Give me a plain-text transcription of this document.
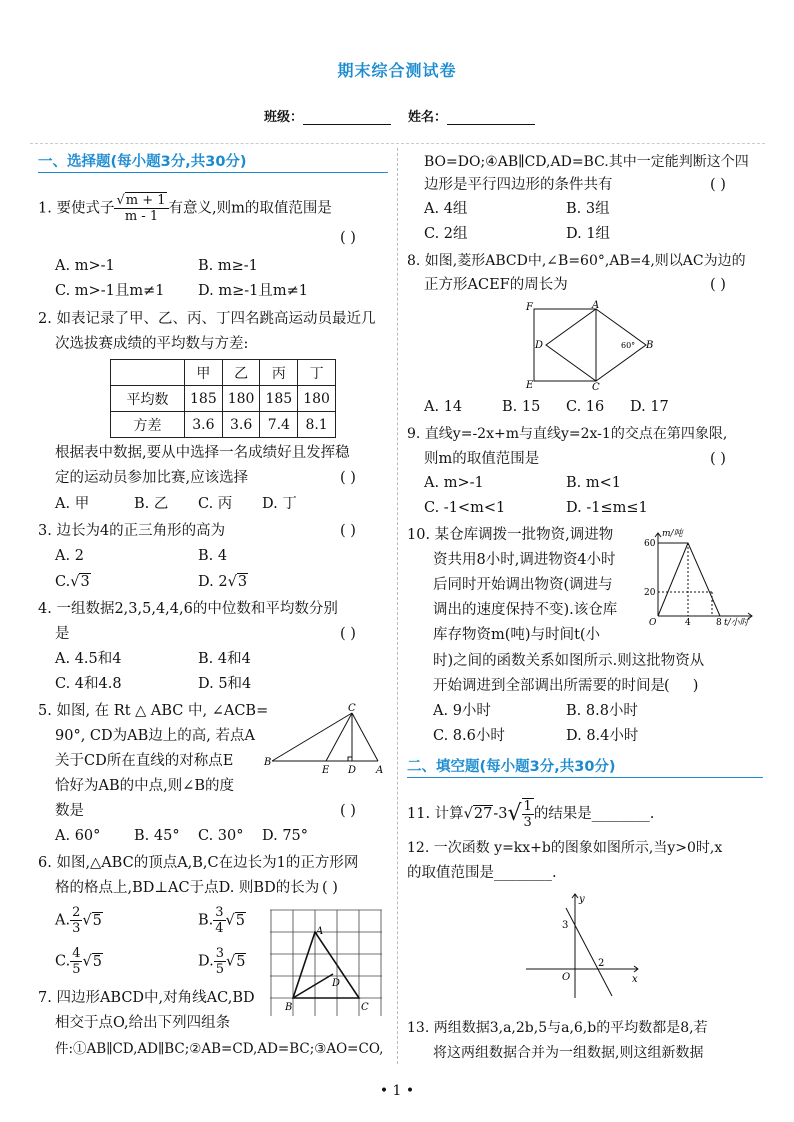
期末综合测试卷
班级：	姓名：
一、选择题(每小题3分,共30分)
1. 要使式子 $\frac{√m + 1}{m - 1}$ 有意义,则m的取值范围是
( )
A. m>-1	B. m≥-1
C. m>-1且m≠1 D. m≥-1且m≠1
2. 如表记录了甲、乙、丙、丁四名跳高运动员最近几
次选拔赛成绩的平均数与方差:
	甲	乙	丙	丁
平均数	185	180	185	180
方差	3.6	3.6	7.4	8.1
根据表中数据,要从中选择一名成绩好且发挥稳
定的运动员参加比赛,应该选择	( )
A. 甲	B. 乙 C. 丙 D. 丁
3. 边长为4的正三角形的高为	( )
A. 2	B. 4
C.√3	D. 2√3
4. 一组数据2,3,5,4,4,6的中位数和平均数分别
是	( )
A. 4.5和4	B. 4和4
C. 4和4.8	D. 5和4
5. 如图, 在 Rt △ ABC 中, ∠ACB=
90°, CD为AB边上的高, 若点A
关于CD所在直线的对称点E
恰好为AB的中点,则∠B的度
数是	( )
C
B
E D A
A. 60° B. 45° C. 30° D. 75°
6. 如图,△ABC的顶点A,B,C在边长为1的正方形网
格的格点上,BD⊥AC于点D. 则BD的长为 ( )
A. $\frac{2}{3} √5$	B. $\frac{3}{4} √5$
C. $\frac{4}{5} √5$	D. $\frac{3}{5} √5$
A
B	C
D
7. 四边形ABCD中,对角线AC,BD
相交于点O,给出下列四组条
件:①AB∥CD,AD∥BC;②AB=CD,AD=BC;③AO=CO,
BO=DO;④AB∥CD,AD=BC.其中一定能判断这个四
边形是平行四边形的条件共有	( )
A. 4组	B. 3组
C. 2组	D. 1组
8. 如图,菱形ABCD中,∠B=60°,AB=4,则以AC为边的
正方形ACEF的周长为	( )
F	A
D	B
E	C
60°
A. 14	B. 15 C. 16 D. 17
9. 直线y=-2x+m与直线y=2x-1的交点在第四象限,
则m的取值范围是	( )
A. m>-1	B. m<1
C. -1<m<1	D. -1≤m≤1
10. 某仓库调拨一批物资,调进物
资共用8小时,调进物资4小时
后同时开始调出物资(调进与
调出的速度保持不变).该仓库
库存物资m(吨)与时间t(小
时)之间的函数关系如图所示.则这批物资从
开始调进到全部调出所需要的时间是 (     )
m/吨
60
20
O	4	8 t/小时
A. 9小时	B. 8.8小时
C. 8.6小时	D. 8.4小时
二、填空题(每小题3分,共30分)
11. 计算$√27-3√ \frac{1}{3}$ 的结果是________.
12. 一次函数 y=kx+b的图象如图所示,当y>0时,x
的取值范围是________.
y
x
O
3
2
13. 两组数据3,a,2b,5与a,6,b的平均数都是8,若
将这两组数据合并为一组数据,则这组新数据
• 1 •
